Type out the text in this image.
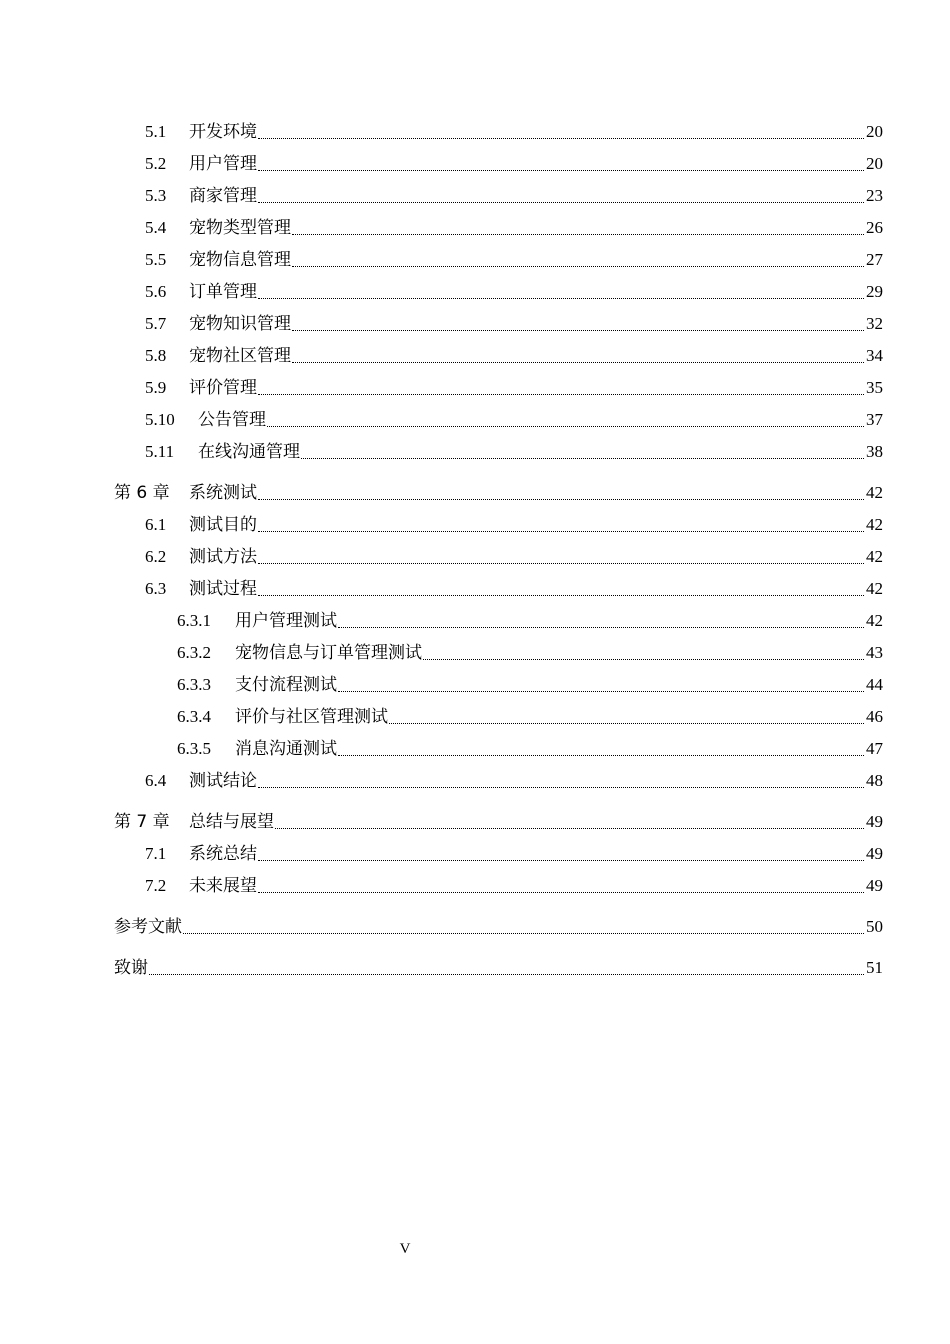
5.1	开发环境	20
5.2	用户管理	20
5.3	商家管理	23
5.4	宠物类型管理	26
5.5	宠物信息管理	27
5.6	订单管理	29
5.7	宠物知识管理	32
5.8	宠物社区管理	34
5.9	评价管理	35
5.10	公告管理	37
5.11	在线沟通管理	38
第 6 章	系统测试	42
6.1	测试目的	42
6.2	测试方法	42
6.3	测试过程	42
6.3.1	用户管理测试	42
6.3.2	宠物信息与订单管理测试	43
6.3.3	支付流程测试	44
6.3.4	评价与社区管理测试	46
6.3.5	消息沟通测试	47
6.4	测试结论	48
第 7 章	总结与展望	49
7.1	系统总结	49
7.2	未来展望	49
参考文献	50
致谢	51
V
